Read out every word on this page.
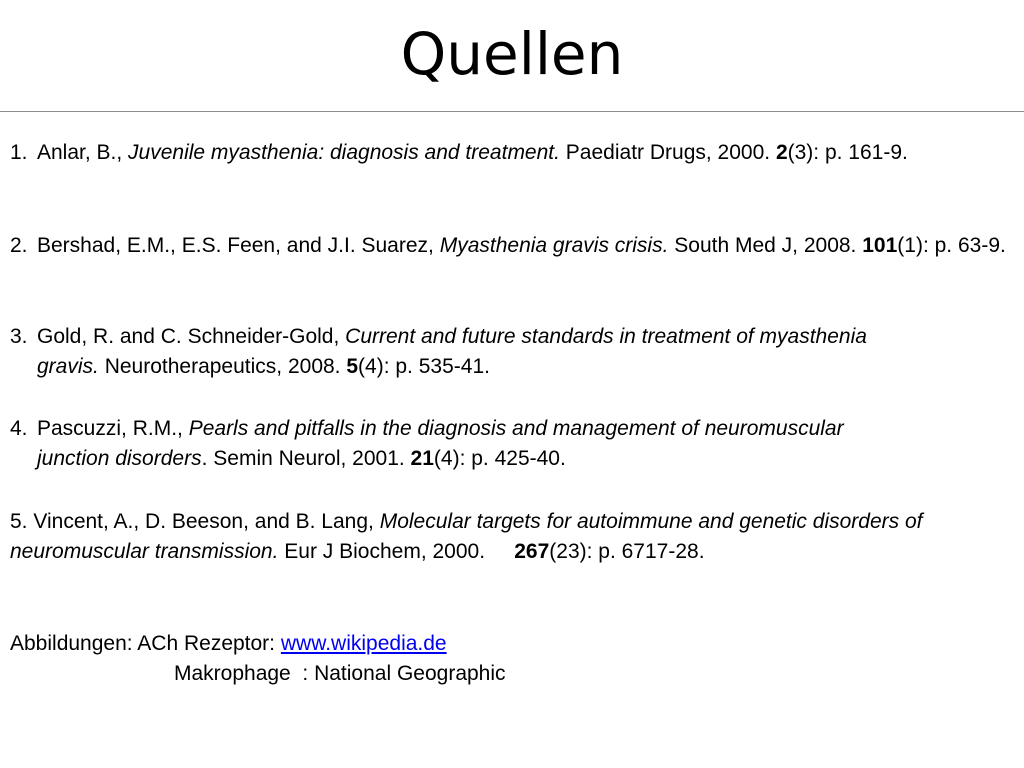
Quellen
1. Anlar, B., Juvenile myasthenia: diagnosis and treatment. Paediatr Drugs, 2000. 2(3): p. 161-9.
2. Bershad, E.M., E.S. Feen, and J.I. Suarez, Myasthenia gravis crisis. South Med J, 2008. 101(1): p. 63-9.
3. Gold, R. and C. Schneider-Gold, Current and future standards in treatment of myasthenia gravis. Neurotherapeutics, 2008. 5(4): p. 535-41.
4. Pascuzzi, R.M., Pearls and pitfalls in the diagnosis and management of neuromuscular junction disorders. Semin Neurol, 2001. 21(4): p. 425-40.
5. Vincent, A., D. Beeson, and B. Lang, Molecular targets for autoimmune and genetic disorders of neuromuscular transmission. Eur J Biochem, 2000.     267(23): p. 6717-28.
Abbildungen: ACh Rezeptor: www.wikipedia.de
Makrophage  : National Geographic
